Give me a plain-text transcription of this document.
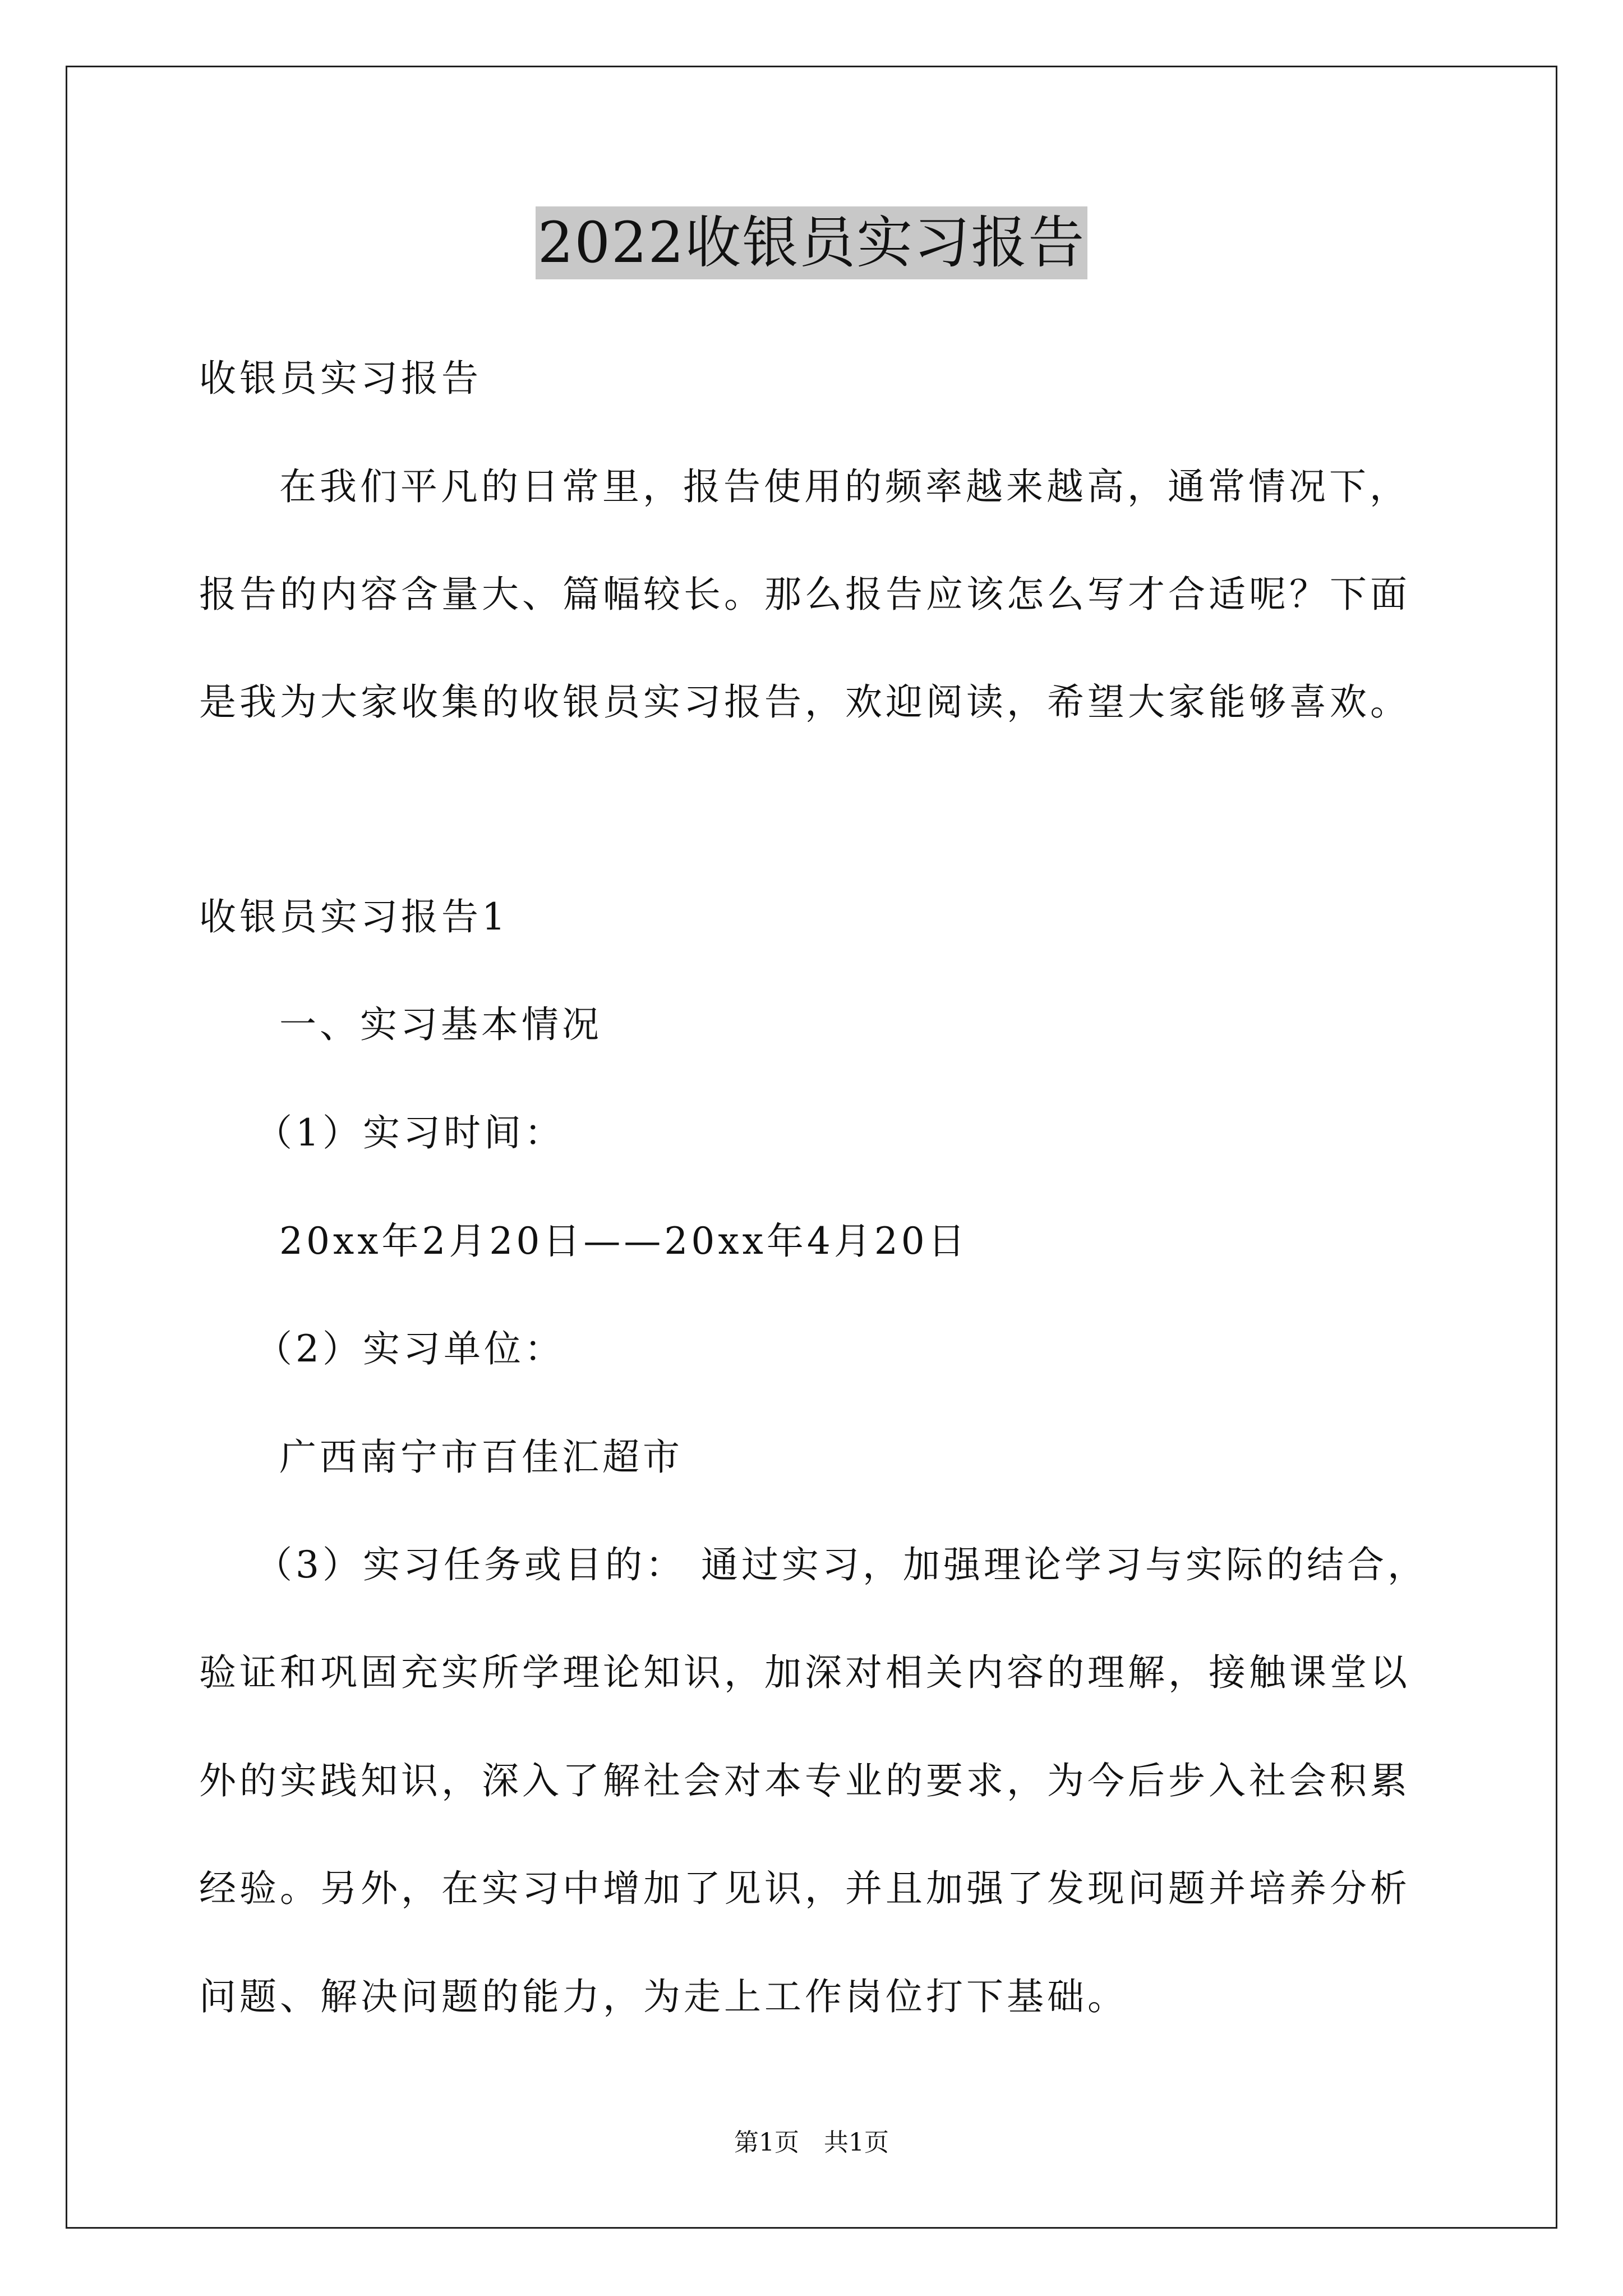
2022收银员实习报告

收银员实习报告

在我们平凡的日常里，报告使用的频率越来越高，通常情况下，

报告的内容含量大、篇幅较长。那么报告应该怎么写才合适呢？下面

是我为大家收集的收银员实习报告，欢迎阅读，希望大家能够喜欢。

收银员实习报告1

一、实习基本情况

（1）实习时间：

20xx年2月20日——20xx年4月20日

（2）实习单位：

广西南宁市百佳汇超市

（3）实习任务或目的： 通过实习，加强理论学习与实际的结合，

验证和巩固充实所学理论知识，加深对相关内容的理解，接触课堂以

外的实践知识，深入了解社会对本专业的要求，为今后步入社会积累

经验。另外，在实习中增加了见识，并且加强了发现问题并培养分析

问题、解决问题的能力，为走上工作岗位打下基础。

第1页　共1页
